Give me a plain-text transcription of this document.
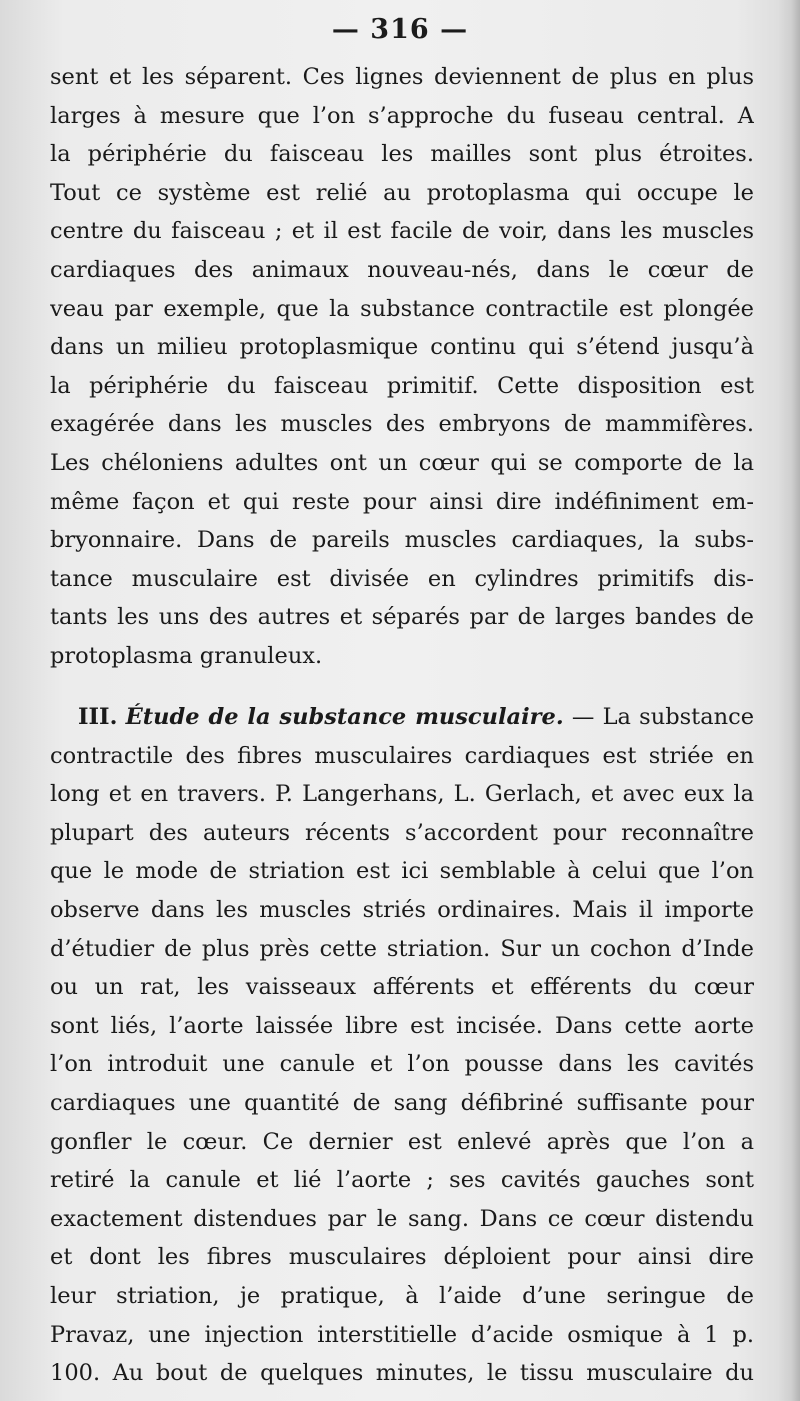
— 316 —
sent et les séparent. Ces lignes deviennent de plus en plus
larges à mesure que l’on s’approche du fuseau central. A
la périphérie du faisceau les mailles sont plus étroites.
Tout ce système est relié au protoplasma qui occupe le
centre du faisceau ; et il est facile de voir, dans les muscles
cardiaques des animaux nouveau-nés, dans le cœur de
veau par exemple, que la substance contractile est plongée
dans un milieu protoplasmique continu qui s’étend jusqu’à
la périphérie du faisceau primitif. Cette disposition est
exagérée dans les muscles des embryons de mammifères.
Les chéloniens adultes ont un cœur qui se comporte de la
même façon et qui reste pour ainsi dire indéfiniment em-
bryonnaire. Dans de pareils muscles cardiaques, la subs-
tance musculaire est divisée en cylindres primitifs dis-
tants les uns des autres et séparés par de larges bandes de
protoplasma granuleux.
III. Étude de la substance musculaire. — La substance
contractile des fibres musculaires cardiaques est striée en
long et en travers. P. Langerhans, L. Gerlach, et avec eux la
plupart des auteurs récents s’accordent pour reconnaître
que le mode de striation est ici semblable à celui que l’on
observe dans les muscles striés ordinaires. Mais il importe
d’étudier de plus près cette striation. Sur un cochon d’Inde
ou un rat, les vaisseaux afférents et efférents du cœur
sont liés, l’aorte laissée libre est incisée. Dans cette aorte
l’on introduit une canule et l’on pousse dans les cavités
cardiaques une quantité de sang défibriné suffisante pour
gonfler le cœur. Ce dernier est enlevé après que l’on a
retiré la canule et lié l’aorte ; ses cavités gauches sont
exactement distendues par le sang. Dans ce cœur distendu
et dont les fibres musculaires déploient pour ainsi dire
leur striation, je pratique, à l’aide d’une seringue de
Pravaz, une injection interstitielle d’acide osmique à 1 p.
100. Au bout de quelques minutes, le tissu musculaire du
